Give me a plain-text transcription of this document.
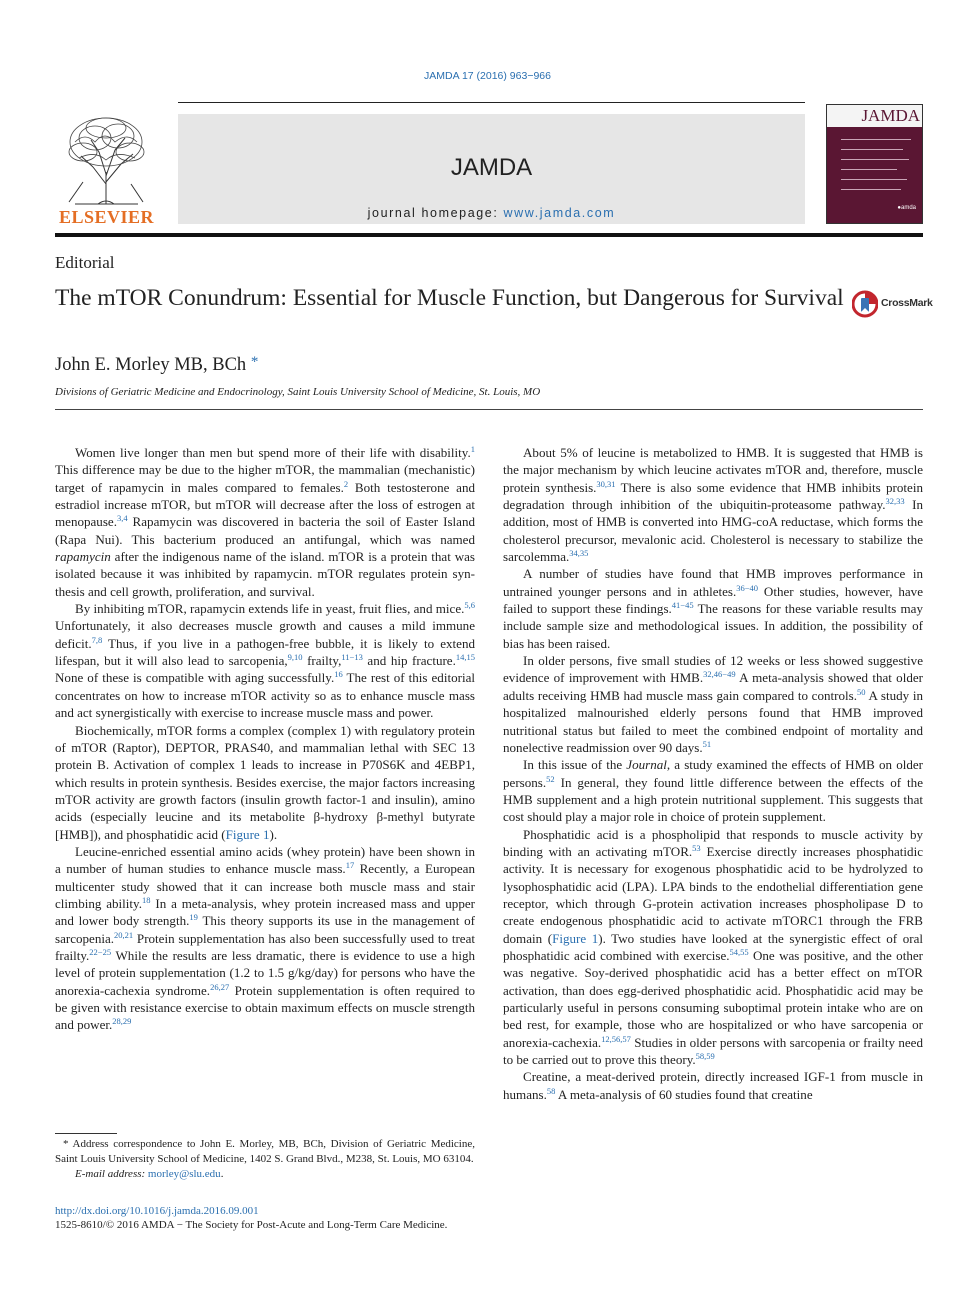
JAMDA 17 (2016) 963−966
ELSEVIER
JAMDA
journal homepage: www.jamda.com
JAMDA
●amda
Editorial
The mTOR Conundrum: Essential for Muscle Function, but Dangerous for Survival	CrossMark
John E. Morley MB, BCh *
Divisions of Geriatric Medicine and Endocrinology, Saint Louis University School of Medicine, St. Louis, MO

Women live longer than men but spend more of their life with disability.$^1$ This difference may be due to the higher mTOR, the mammalian (mechanistic) target of rapamycin in males compared to females.$^2$ Both testosterone and estradiol increase mTOR, but mTOR will decrease after the loss of estrogen at menopause.$^{3,4}$ Rapamycin was discovered in bacteria the soil of Easter Island (Rapa Nui). This bacterium produced an antifungal, which was named rapamycin after the indigenous name of the island. mTOR is a protein that was isolated because it was inhibited by rapamycin. mTOR regulates protein synthesis and cell growth, proliferation, and survival.

By inhibiting mTOR, rapamycin extends life in yeast, fruit flies, and mice.$^{5,6}$ Unfortunately, it also decreases muscle growth and causes a mild immune deficit.$^{7,8}$ Thus, if you live in a pathogen-free bubble, it is likely to extend lifespan, but it will also lead to sarcopenia,$^{9,10}$ frailty,$^{11-13}$ and hip fracture.$^{14,15}$ None of these is compatible with aging successfully.$^{16}$ The rest of this editorial concentrates on how to increase mTOR activity so as to enhance muscle mass and act synergistically with exercise to increase muscle mass and power.

Biochemically, mTOR forms a complex (complex 1) with regulatory protein of mTOR (Raptor), DEPTOR, PRAS40, and mammalian lethal with SEC 13 protein B. Activation of complex 1 leads to increase in P70S6K and 4EBP1, which results in protein synthesis. Besides exercise, the major factors increasing mTOR activity are growth factors (insulin growth factor-1 and insulin), amino acids (especially leucine and its metabolite β-hydroxy β-methyl butyrate [HMB]), and phosphatidic acid (Figure 1).

Leucine-enriched essential amino acids (whey protein) have been shown in a number of human studies to enhance muscle mass.$^{17}$ Recently, a European multicenter study showed that it can increase both muscle mass and stair climbing ability.$^{18}$ In a meta-analysis, whey protein increased mass and upper and lower body strength.$^{19}$ This theory supports its use in the management of sarcopenia.$^{20,21}$ Protein supplementation has also been successfully used to treat frailty.$^{22-25}$ While the results are less dramatic, there is evidence to use a high level of protein supplementation (1.2 to 1.5 g/kg/day) for persons who have the anorexia-cachexia syndrome.$^{26,27}$ Protein supplementation is often required to be given with resistance exercise to obtain maximum effects on muscle strength and power.$^{28,29}$

About 5% of leucine is metabolized to HMB. It is suggested that HMB is the major mechanism by which leucine activates mTOR and, therefore, muscle protein synthesis.$^{30,31}$ There is also some evidence that HMB inhibits protein degradation through inhibition of the ubiquitin-proteasome pathway.$^{32,33}$ In addition, most of HMB is converted into HMG-coA reductase, which forms the cholesterol precursor, mevalonic acid. Cholesterol is necessary to stabilize the sarcolemma.$^{34,35}$

A number of studies have found that HMB improves performance in untrained younger persons and in athletes.$^{36-40}$ Other studies, however, have failed to support these findings.$^{41-45}$ The reasons for these variable results may include sample size and methodological issues. In addition, the possibility of bias has been raised.

In older persons, five small studies of 12 weeks or less showed suggestive evidence of improvement with HMB.$^{32,46-49}$ A meta-analysis showed that older adults receiving HMB had muscle mass gain compared to controls.$^{50}$ A study in hospitalized malnourished elderly persons found that HMB improved nutritional status but failed to meet the combined endpoint of mortality and nonelective readmission over 90 days.$^{51}$

In this issue of the Journal, a study examined the effects of HMB on older persons.$^{52}$ In general, they found little difference between the effects of the HMB supplement and a high protein nutritional supplement. This suggests that cost should play a major role in choice of protein supplement.

Phosphatidic acid is a phospholipid that responds to muscle activity by binding with an activating mTOR.$^{53}$ Exercise directly increases phosphatidic activity. It is necessary for exogenous phosphatidic acid to be hydrolyzed to lysophosphatidic acid (LPA). LPA binds to the endothelial differentiation gene receptor, which through G-protein activation increases phospholipase D to create endogenous phosphatidic acid to activate mTORC1 through the FRB domain (Figure 1). Two studies have looked at the synergistic effect of oral phosphatidic acid combined with exercise.$^{54,55}$ One was positive, and the other was negative. Soy-derived phosphatidic acid has a better effect on mTOR activation, than does egg-derived phosphatidic acid. Phosphatidic acid may be particularly useful in persons consuming suboptimal protein intake who are on bed rest, for example, those who are hospitalized or who have sarcopenia or anorexia-cachexia.$^{12,56,57}$ Studies in older persons with sarcopenia or frailty need to be carried out to prove this theory.$^{58,59}$

Creatine, a meat-derived protein, directly increased IGF-1 from muscle in humans.$^{58}$ A meta-analysis of 60 studies found that creatine

* Address correspondence to John E. Morley, MB, BCh, Division of Geriatric Medicine, Saint Louis University School of Medicine, 1402 S. Grand Blvd., M238, St. Louis, MO 63104.

E-mail address: morley@slu.edu.

http://dx.doi.org/10.1016/j.jamda.2016.09.001
1525-8610/© 2016 AMDA − The Society for Post-Acute and Long-Term Care Medicine.
